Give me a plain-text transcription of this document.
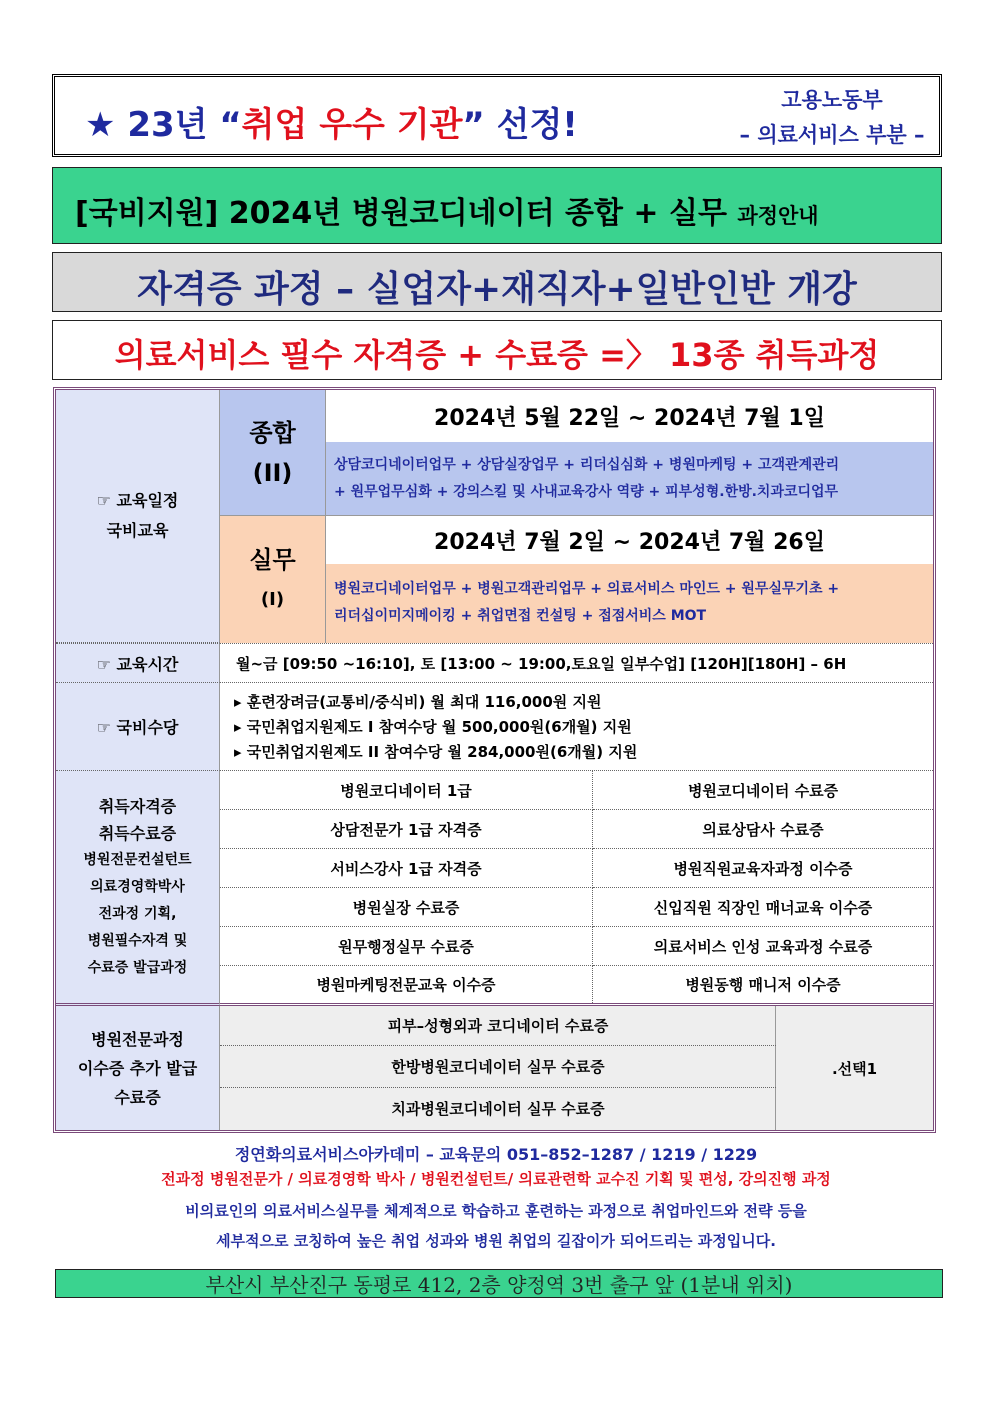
★ 23년 “취업 우수 기관” 선정!
고용노동부
– 의료서비스 부분 –
[국비지원] 2024년 병원코디네이터 종합 + 실무 과정안내
자격증 과정 – 실업자+재직자+일반인반 개강
의료서비스 필수 자격증 + 수료증 =〉 13종 취득과정
☞ 교육일정
국비교육
종합
(II)
2024년 5월 22일 ~ 2024년 7월 1일
상담코디네이터업무 + 상담실장업무 + 리더십심화 + 병원마케팅 + 고객관계관리
+ 원무업무심화 + 강의스킬 및 사내교육강사 역량 + 피부성형.한방.치과코디업무
실무
(I)
2024년 7월 2일 ~ 2024년 7월 26일
병원코디네이터업무 + 병원고객관리업무 + 의료서비스 마인드 + 원무실무기초 +
리더십이미지메이킹 + 취업면접 컨설팅 + 접점서비스 MOT
☞ 교육시간	월~금 [09:50 ~16:10], 토 [13:00 ~ 19:00,토요일 일부수업] [120H][180H] – 6H
☞ 국비수당
▸ 훈련장려금(교통비/중식비) 월 최대 116,000원 지원
▸ 국민취업지원제도 I 참여수당 월 500,000원(6개월) 지원
▸ 국민취업지원제도 II 참여수당 월 284,000원(6개월) 지원
취득자격증
취득수료증
병원전문컨설턴트
의료경영학박사
전과정 기획,
병원필수자격 및
수료증 발급과정
병원코디네이터 1급	병원코디네이터 수료증
상담전문가 1급 자격증	의료상담사 수료증
서비스강사 1급 자격증	병원직원교육자과정 이수증
병원실장 수료증	신입직원 직장인 매너교육 이수증
원무행정실무 수료증	의료서비스 인성 교육과정 수료증
병원마케팅전문교육 이수증	병원동행 매니저 이수증
병원전문과정
이수증 추가 발급
수료증
피부–성형외과 코디네이터 수료증
한방병원코디네이터 실무 수료증
치과병원코디네이터 실무 수료증
.선택1
정연화의료서비스아카데미 – 교육문의 051–852–1287 / 1219 / 1229
전과정 병원전문가 / 의료경영학 박사 / 병원컨설턴트/ 의료관련학 교수진 기획 및 편성, 강의진행 과정
비의료인의 의료서비스실무를 체계적으로 학습하고 훈련하는 과정으로 취업마인드와 전략 등을
세부적으로 코칭하여 높은 취업 성과와 병원 취업의 길잡이가 되어드리는 과정입니다.
부산시 부산진구 동평로 412, 2층 양정역 3번 출구 앞 (1분내 위치)
